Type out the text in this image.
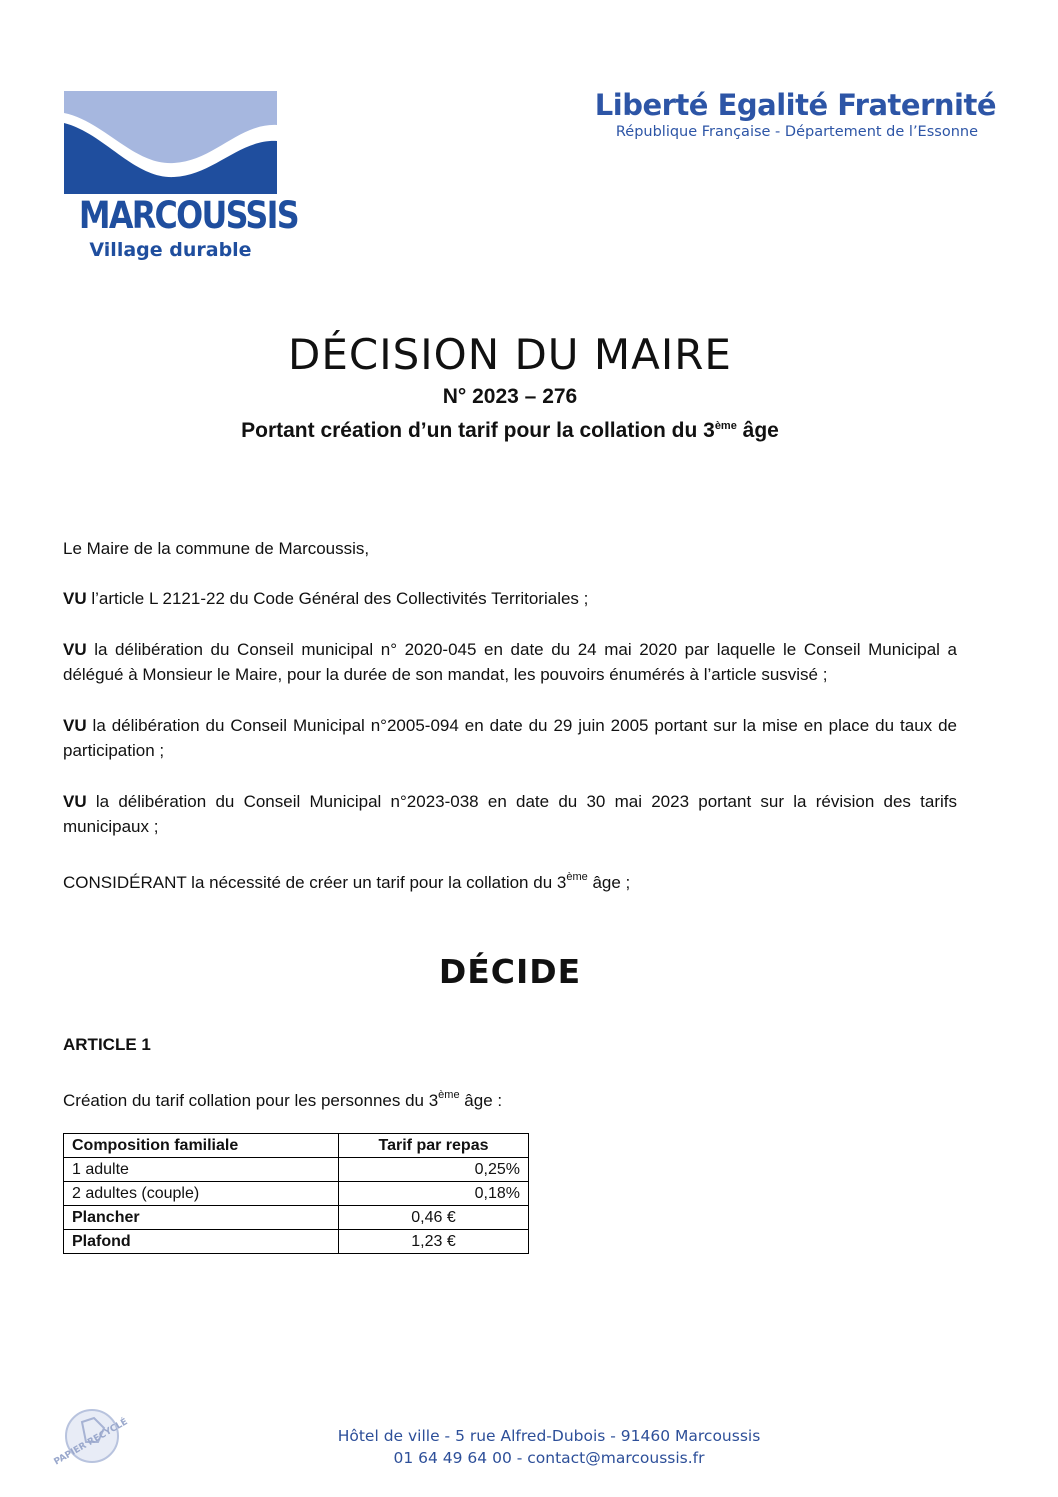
MARCOUSSIS
Village durable
Liberté Egalité Fraternité
République Française - Département de l’Essonne
DÉCISION DU MAIRE
N° 2023 – 276
Portant création d’un tarif pour la collation du 3ème âge
Le Maire de la commune de Marcoussis,
VU l’article L 2121-22 du Code Général des Collectivités Territoriales ;
VU la délibération du Conseil municipal n° 2020-045 en date du 24 mai 2020 par laquelle le Conseil Municipal a délégué à Monsieur le Maire, pour la durée de son mandat, les pouvoirs énumérés à l’article susvisé ;
VU la délibération du Conseil Municipal n°2005-094 en date du 29 juin 2005 portant sur la mise en place du taux de participation ;
VU la délibération du Conseil Municipal n°2023-038 en date du 30 mai 2023 portant sur la révision des tarifs municipaux ;
CONSIDÉRANT la nécessité de créer un tarif pour la collation du 3ème âge ;
DÉCIDE
ARTICLE 1
Création du tarif collation pour les personnes du 3ème âge :
Composition familiale	Tarif par repas
1 adulte	0,25%
2 adultes (couple)	0,18%
Plancher	0,46 €
Plafond	1,23 €
PAPIER RECYCLÉ	Hôtel de ville - 5 rue Alfred-Dubois - 91460 Marcoussis
01 64 49 64 00 - contact@marcoussis.fr
